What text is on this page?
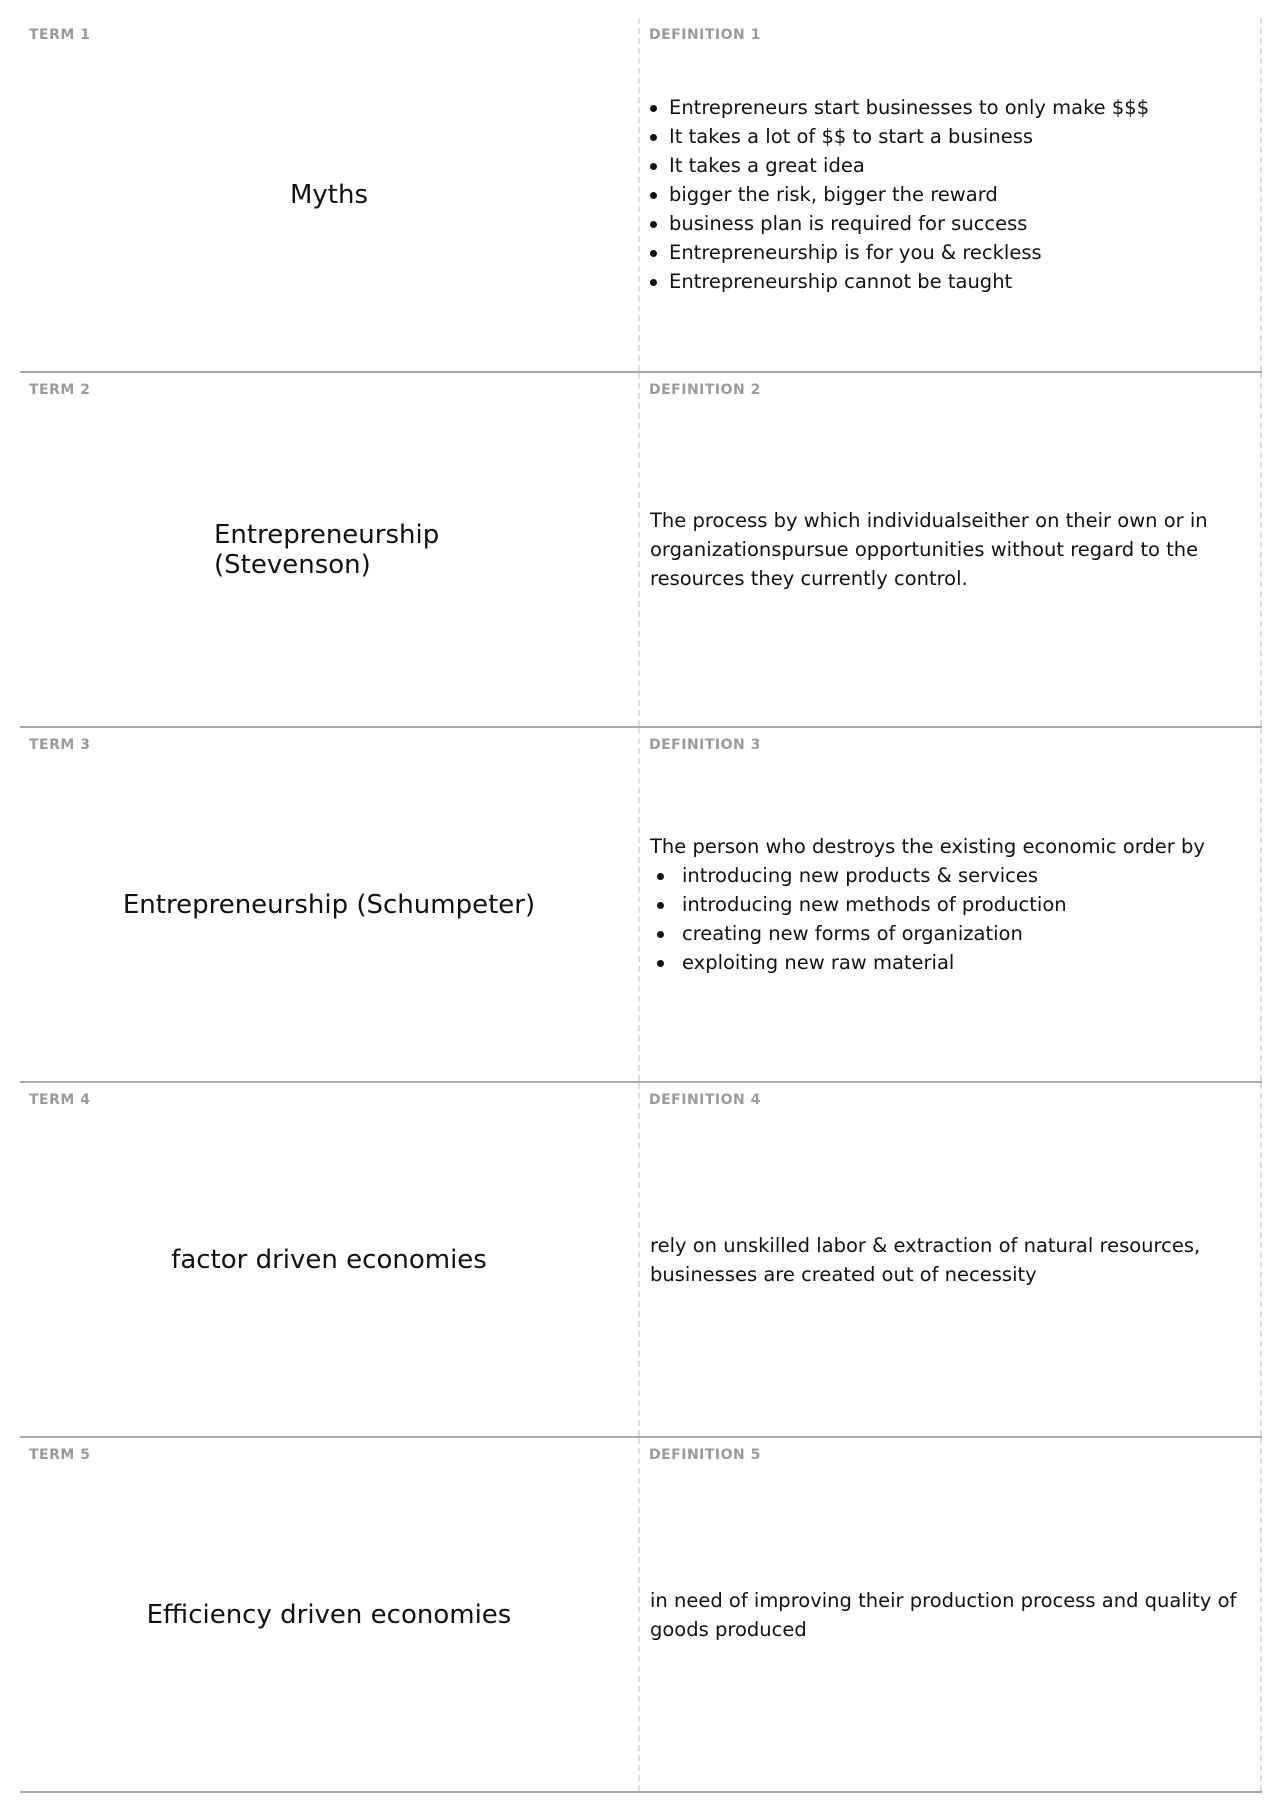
TERM 1
Myths
DEFINITION 1
Entrepreneurs start businesses to only make $$$
It takes a lot of $$ to start a business
It takes a great idea
bigger the risk, bigger the reward
business plan is required for success
Entrepreneurship is for you & reckless
Entrepreneurship cannot be taught
TERM 2
Entrepreneurship (Stevenson)
DEFINITION 2
The process by which individualseither on their own or in organizationspursue opportunities without regard to the resources they currently control.
TERM 3
Entrepreneurship (Schumpeter)
DEFINITION 3
The person who destroys the existing economic order by
introducing new products & services
introducing new methods of production
creating new forms of organization
exploiting new raw material
TERM 4
factor driven economies
DEFINITION 4
rely on unskilled labor & extraction of natural resources, businesses are created out of necessity
TERM 5
Efficiency driven economies
DEFINITION 5
in need of improving their production process and quality of goods produced
